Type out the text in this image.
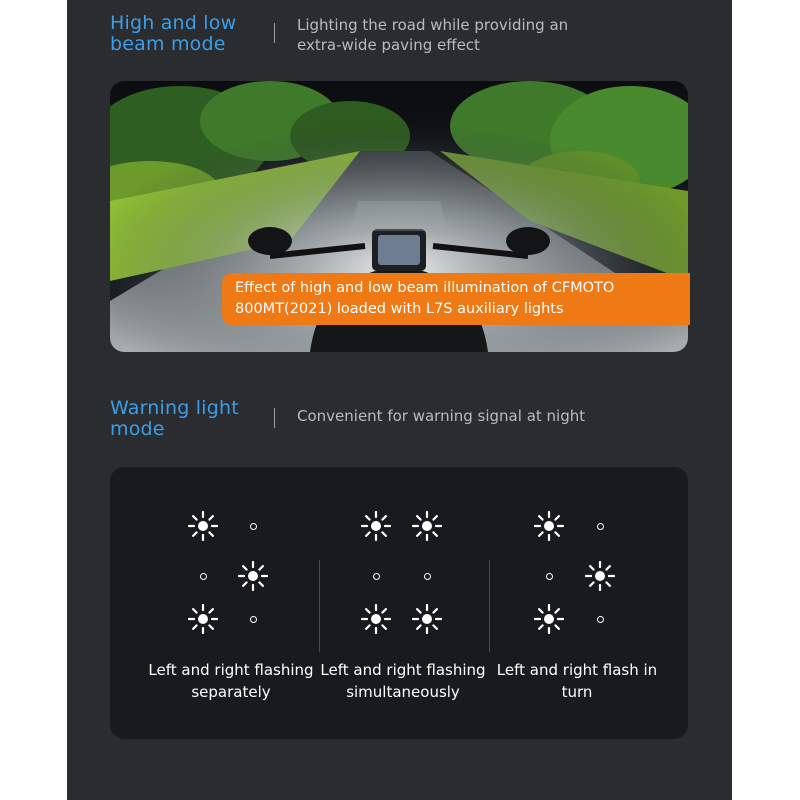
High and low beam mode
Lighting the road while providing an extra-wide paving effect
Effect of high and low beam illumination of CFMOTO 800MT(2021) loaded with L7S auxiliary lights
Warning light mode
Convenient for warning signal at night
Left and right flashing separately
Left and right flashing simultaneously
Left and right flash in turn
